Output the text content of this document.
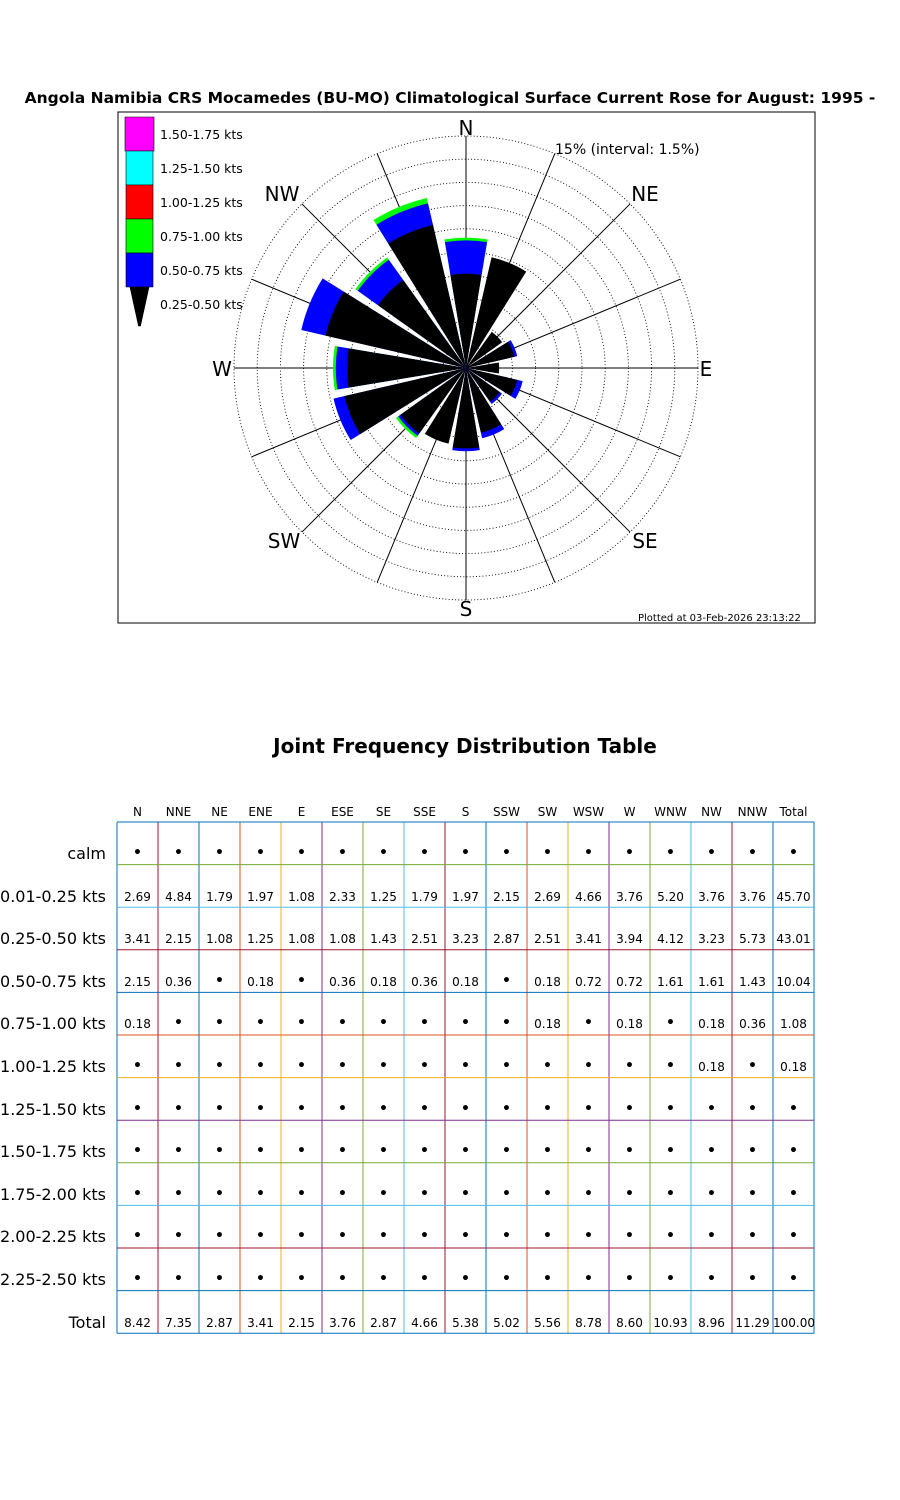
Angola Namibia CRS Mocamedes (BU-MO) Climatological Surface Current Rose for August: 1995 -
N
NE
E
SE
S
SW
W
NW
15% (interval: 1.5%)
Plotted at 03-Feb-2026 23:13:22
1.50-1.75 kts
1.25-1.50 kts
1.00-1.25 kts
0.75-1.00 kts
0.50-0.75 kts
0.25-0.50 kts
Joint Frequency Distribution Table
N	NNE	NE	ENE	E	ESE	SE	SSE	S	SSW	SW	WSW	W	WNW	NW	NNW	Total
calm	•	•	•	•	•	•	•	•	•	•	•	•	•	•	•	•	•
0.01-0.25 kts	2.69	4.84	1.79	1.97	1.08	2.33	1.25	1.79	1.97	2.15	2.69	4.66	3.76	5.20	3.76	3.76 45.70
0.25-0.50 kts	3.41	2.15	1.08	1.25	1.08	1.08	1.43	2.51	3.23	2.87	2.51	3.41	3.94	4.12	3.23	5.73 43.01
0.50-0.75 kts	2.15	0.36	•	0.18	•	0.36	0.18	0.36	0.18	•	0.18	0.72	0.72	1.61	1.61	1.43 10.04
0.75-1.00 kts	0.18	•	•	•	•	•	•	•	•	•	0.18	•	0.18	•	0.18	0.36	1.08
1.00-1.25 kts	•	•	•	•	•	•	•	•	•	•	•	•	•	•	0.18	•	0.18
1.25-1.50 kts	•	•	•	•	•	•	•	•	•	•	•	•	•	•	•	•	•
1.50-1.75 kts	•	•	•	•	•	•	•	•	•	•	•	•	•	•	•	•	•
1.75-2.00 kts	•	•	•	•	•	•	•	•	•	•	•	•	•	•	•	•	•
2.00-2.25 kts	•	•	•	•	•	•	•	•	•	•	•	•	•	•	•	•	•
2.25-2.50 kts	•	•	•	•	•	•	•	•	•	•	•	•	•	•	•	•	•
Total	8.42	7.35	2.87	3.41	2.15	3.76	2.87	4.66	5.38	5.02	5.56	8.78	8.60 10.93 8.96 11.29 100.00
